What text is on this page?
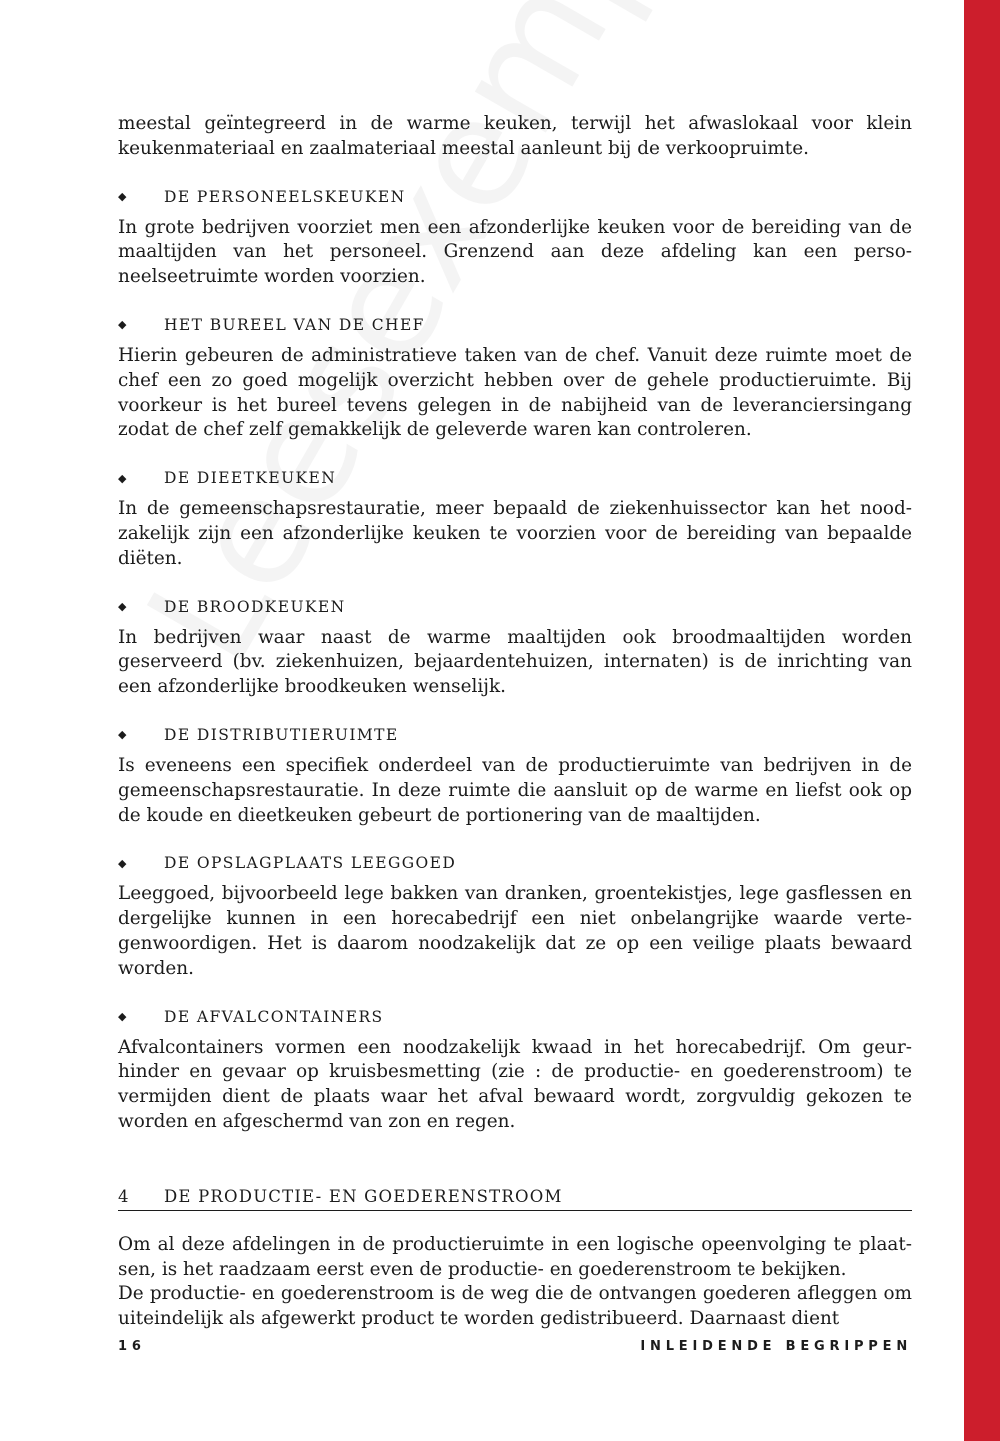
meestal geïntegreerd in de warme keuken, terwijl het afwaslokaal voor klein keukenmateriaal en zaalmateriaal meestal aanleunt bij de verkoopruimte.

◆	DE PERSONEELSKEUKEN

In grote bedrijven voorziet men een afzonderlijke keuken voor de bereiding van de maaltijden van het personeel. Grenzend aan deze afdeling kan een personeelseetruimte worden voorzien.

◆	HET BUREEL VAN DE CHEF

Hierin gebeuren de administratieve taken van de chef. Vanuit deze ruimte moet de chef een zo goed mogelijk overzicht hebben over de gehele productieruimte. Bij voorkeur is het bureel tevens gelegen in de nabijheid van de leveranciersingang zodat de chef zelf gemakkelijk de geleverde waren kan controleren.

◆	DE DIEETKEUKEN

In de gemeenschapsrestauratie, meer bepaald de ziekenhuissector kan het noodzakelijk zijn een afzonderlijke keuken te voorzien voor de bereiding van bepaalde diëten.

◆	DE BROODKEUKEN

In bedrijven waar naast de warme maaltijden ook broodmaaltijden worden geserveerd (bv. ziekenhuizen, bejaardentehuizen, internaten) is de inrichting van een afzonderlijke broodkeuken wenselijk.

◆	DE DISTRIBUTIERUIMTE

Is eveneens een specifiek onderdeel van de productieruimte van bedrijven in de gemeenschapsrestauratie. In deze ruimte die aansluit op de warme en liefst ook op de koude en dieetkeuken gebeurt de portionering van de maaltijden.

◆	DE OPSLAGPLAATS LEEGGOED

Leeggoed, bijvoorbeeld lege bakken van dranken, groentekistjes, lege gasflessen en dergelijke kunnen in een horecabedrijf een niet onbelangrijke waarde vertegenwoordigen. Het is daarom noodzakelijk dat ze op een veilige plaats bewaard worden.

◆	DE AFVALCONTAINERS

Afvalcontainers vormen een noodzakelijk kwaad in het horecabedrijf. Om geurhinder en gevaar op kruisbesmetting (zie : de productie- en goederenstroom) te vermijden dient de plaats waar het afval bewaard wordt, zorgvuldig gekozen te worden en afgeschermd van zon en regen.

4	DE PRODUCTIE- EN GOEDERENSTROOM

Om al deze afdelingen in de productieruimte in een logische opeenvolging te plaatsen, is het raadzaam eerst even de productie- en goederenstroom te bekijken.

De productie- en goederenstroom is de weg die de ontvangen goederen afleggen om uiteindelijk als afgewerkt product te worden gedistribueerd. Daarnaast dient

16	INLEIDENDE BEGRIPPEN
